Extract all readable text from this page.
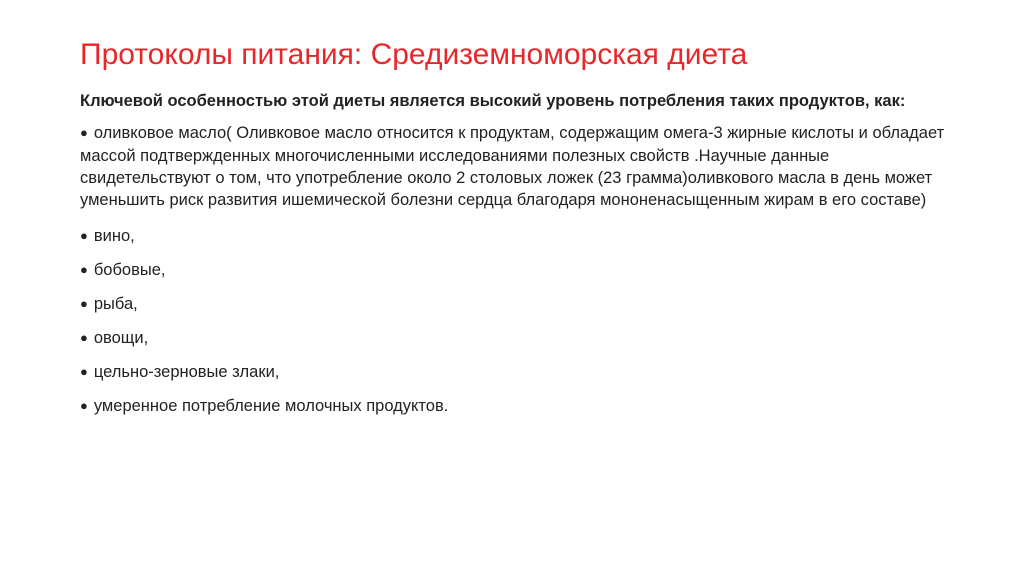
Протоколы питания: Средиземноморская диета

Ключевой особенностью этой диеты является высокий уровень потребления таких продуктов, как:

● оливковое масло( Оливковое масло относится к продуктам, содержащим омега-3 жирные кислоты и обладает массой подтвержденных многочисленными исследованиями полезных свойств .Научные данные свидетельствуют о том, что употребление около 2 столовых ложек (23 грамма)оливкового масла в день может уменьшить риск развития ишемической болезни сердца благодаря мононенасыщенным жирам в его составе)

● вино,

● бобовые,

● рыба,

● овощи,

● цельно-зерновые злаки,

● умеренное потребление молочных продуктов.
